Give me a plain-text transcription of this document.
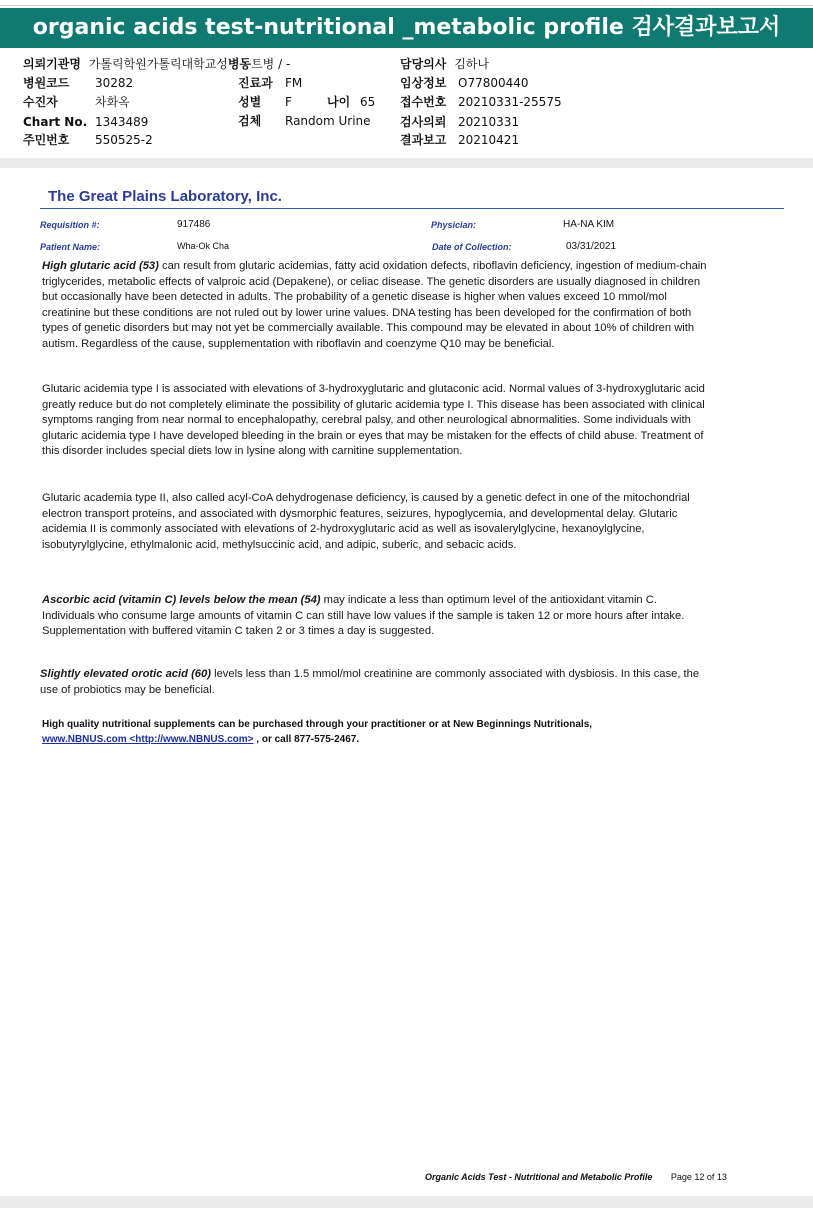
organic acids test-nutritional _metabolic profile 검사결과보고서
의뢰기관명 가톨릭학원가톨릭대학교성병동트병 / -	담당의사 김하나
병원코드 30282	진료과 FM	임상정보 O77800440
수진자	차화옥	성별 F	나이 65 접수번호 20210331-25575
Chart No. 1343489	검체 Random Urine 검사의뢰 20210331
주민번호 550525-2	결과보고 20210421
The Great Plains Laboratory, Inc.
Requisition #:	917486	Physician:	HA-NA KIM
Patient Name:	Wha-Ok Cha	Date of Collection:	03/31/2021

High glutaric acid (53) can result from glutaric acidemias, fatty acid oxidation defects, riboflavin deficiency, ingestion of medium-chain triglycerides, metabolic effects of valproic acid (Depakene), or celiac disease. The genetic disorders are usually diagnosed in children but occasionally have been detected in adults. The probability of a genetic disease is higher when values exceed 10 mmol/mol creatinine but these conditions are not ruled out by lower urine values. DNA testing has been developed for the confirmation of both types of genetic disorders but may not yet be commercially available. This compound may be elevated in about 10% of children with autism. Regardless of the cause, supplementation with riboflavin and coenzyme Q10 may be beneficial.

Glutaric acidemia type I is associated with elevations of 3-hydroxyglutaric and glutaconic acid. Normal values of 3-hydroxyglutaric acid greatly reduce but do not completely eliminate the possibility of glutaric acidemia type I. This disease has been associated with clinical symptoms ranging from near normal to encephalopathy, cerebral palsy, and other neurological abnormalities. Some individuals with glutaric acidemia type I have developed bleeding in the brain or eyes that may be mistaken for the effects of child abuse. Treatment of this disorder includes special diets low in lysine along with carnitine supplementation.

Glutaric academia type II, also called acyl-CoA dehydrogenase deficiency, is caused by a genetic defect in one of the mitochondrial electron transport proteins, and associated with dysmorphic features, seizures, hypoglycemia, and developmental delay. Glutaric acidemia II is commonly associated with elevations of 2-hydroxyglutaric acid as well as isovalerylglycine, hexanoylglycine, isobutyrylglycine, ethylmalonic acid, methylsuccinic acid, and adipic, suberic, and sebacic acids.

Ascorbic acid (vitamin C) levels below the mean (54) may indicate a less than optimum level of the antioxidant vitamin C. Individuals who consume large amounts of vitamin C can still have low values if the sample is taken 12 or more hours after intake. Supplementation with buffered vitamin C taken 2 or 3 times a day is suggested.

Slightly elevated orotic acid (60) levels less than 1.5 mmol/mol creatinine are commonly associated with dysbiosis. In this case, the use of probiotics may be beneficial.

High quality nutritional supplements can be purchased through your practitioner or at New Beginnings Nutritionals,
www.NBNUS.com <http://www.NBNUS.com> , or call 877-575-2467.
Organic Acids Test - Nutritional and Metabolic Profile Page 12 of 13
